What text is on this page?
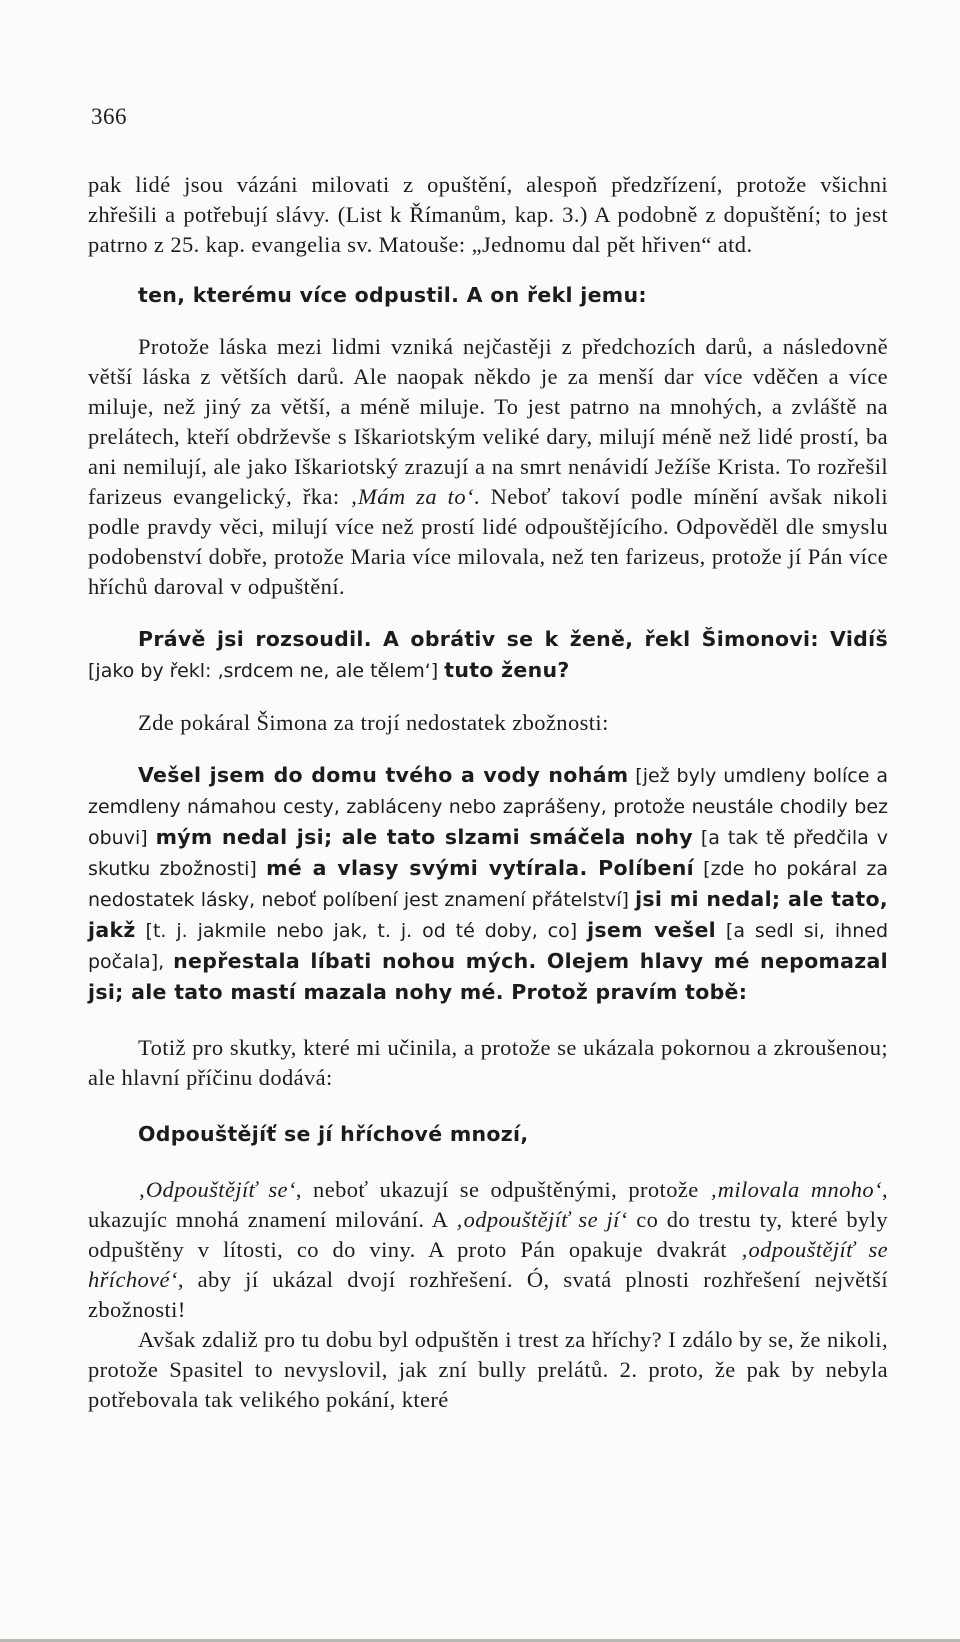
366

pak lidé jsou vázáni milovati z opuštění, alespoň předzřízení, protože všichni zhřešili a potřebují slávy. (List k Římanům, kap. 3.) A podobně z dopuštění; to jest patrno z 25. kap. evangelia sv. Matouše: „Jednomu dal pět hřiven“ atd.

ten, kterému více odpustil. A on řekl jemu:

Protože láska mezi lidmi vzniká nejčastěji z předchozích darů, a následovně větší láska z větších darů. Ale naopak někdo je za menší dar více vděčen a více miluje, než jiný za větší, a méně miluje. To jest patrno na mnohých, a zvláště na prelátech, kteří obdrževše s Iškariotským veliké dary, milují méně než lidé prostí, ba ani nemilují, ale jako Iškariotský zrazují a na smrt nenávidí Ježíše Krista. To rozřešil farizeus evangelický, řka: ‚Mám za to‘. Neboť takoví podle mínění avšak nikoli podle pravdy věci, milují více než prostí lidé odpouštějícího. Odpověděl dle smyslu podobenství dobře, protože Maria více milovala, než ten farizeus, protože jí Pán více hříchů daroval v odpuštění.

Právě jsi rozsoudil. A obrátiv se k ženě, řekl Šimonovi: Vidíš [jako by řekl: ‚srdcem ne, ale tělem‘] tuto ženu?

Zde pokáral Šimona za trojí nedostatek zbožnosti:

Vešel jsem do domu tvého a vody nohám [jež byly umdleny bolíce a zemdleny námahou cesty, zabláceny nebo zaprášeny, protože neustále chodily bez obuvi] mým nedal jsi; ale tato slzami smáčela nohy [a tak tě předčila v skutku zbožnosti] mé a vlasy svými vytírala. Políbení [zde ho pokáral za nedostatek lásky, neboť políbení jest znamení přátelství] jsi mi nedal; ale tato, jakž [t. j. jakmile nebo jak, t. j. od té doby, co] jsem vešel [a sedl si, ihned počala], nepřestala líbati nohou mých. Olejem hlavy mé nepomazal jsi; ale tato mastí mazala nohy mé. Protož pravím tobě:

Totiž pro skutky, které mi učinila, a protože se ukázala pokornou a zkroušenou; ale hlavní příčinu dodává:

Odpouštějíť se jí hříchové mnozí,

‚Odpouštějíť se‘, neboť ukazují se odpuštěnými, protože ‚milovala mnoho‘, ukazujíc mnohá znamení milování. A ‚odpouštějíť se jí‘ co do trestu ty, které byly odpuštěny v lítosti, co do viny. A proto Pán opakuje dvakrát ‚odpouštějíť se hříchové‘, aby jí ukázal dvojí rozhřešení. Ó, svatá plnosti rozhřešení největší zbožnosti!

Avšak zdaliž pro tu dobu byl odpuštěn i trest za hříchy? I zdálo by se, že nikoli, protože Spasitel to nevyslovil, jak zní bully prelátů. 2. proto, že pak by nebyla potřebovala tak velikého pokání, které
